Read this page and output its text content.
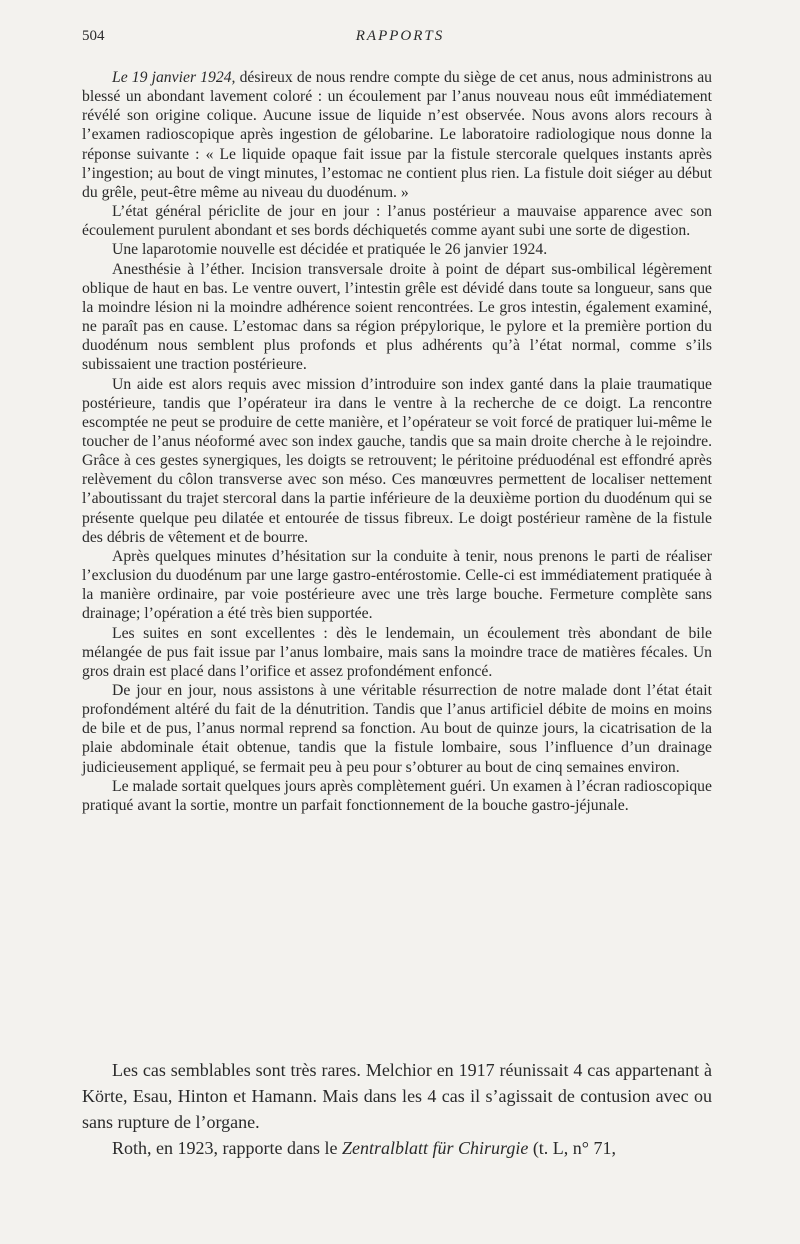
504	RAPPORTS

Le 19 janvier 1924, désireux de nous rendre compte du siège de cet anus, nous administrons au blessé un abondant lavement coloré : un écoulement par l’anus nouveau nous eût immédiatement révélé son origine colique. Aucune issue de liquide n’est observée. Nous avons alors recours à l’examen radioscopique après ingestion de gélobarine. Le laboratoire radiologique nous donne la réponse suivante : « Le liquide opaque fait issue par la fistule stercorale quelques instants après l’ingestion; au bout de vingt minutes, l’estomac ne contient plus rien. La fistule doit siéger au début du grêle, peut-être même au niveau du duodénum. »

L’état général périclite de jour en jour : l’anus postérieur a mauvaise apparence avec son écoulement purulent abondant et ses bords déchiquetés comme ayant subi une sorte de digestion.

Une laparotomie nouvelle est décidée et pratiquée le 26 janvier 1924.

Anesthésie à l’éther. Incision transversale droite à point de départ sus-ombilical légèrement oblique de haut en bas. Le ventre ouvert, l’intestin grêle est dévidé dans toute sa longueur, sans que la moindre lésion ni la moindre adhérence soient rencontrées. Le gros intestin, également examiné, ne paraît pas en cause. L’estomac dans sa région prépylorique, le pylore et la première portion du duodénum nous semblent plus profonds et plus adhérents qu’à l’état normal, comme s’ils subissaient une traction postérieure.

Un aide est alors requis avec mission d’introduire son index ganté dans la plaie traumatique postérieure, tandis que l’opérateur ira dans le ventre à la recherche de ce doigt. La rencontre escomptée ne peut se produire de cette manière, et l’opérateur se voit forcé de pratiquer lui-même le toucher de l’anus néoformé avec son index gauche, tandis que sa main droite cherche à le rejoindre. Grâce à ces gestes synergiques, les doigts se retrouvent; le péritoine préduodénal est effondré après relèvement du côlon transverse avec son méso. Ces manœuvres permettent de localiser nettement l’aboutissant du trajet stercoral dans la partie inférieure de la deuxième portion du duodénum qui se présente quelque peu dilatée et entourée de tissus fibreux. Le doigt postérieur ramène de la fistule des débris de vêtement et de bourre.

Après quelques minutes d’hésitation sur la conduite à tenir, nous prenons le parti de réaliser l’exclusion du duodénum par une large gastro-entérostomie. Celle-ci est immédiatement pratiquée à la manière ordinaire, par voie postérieure avec une très large bouche. Fermeture complète sans drainage; l’opération a été très bien supportée.

Les suites en sont excellentes : dès le lendemain, un écoulement très abondant de bile mélangée de pus fait issue par l’anus lombaire, mais sans la moindre trace de matières fécales. Un gros drain est placé dans l’orifice et assez profondément enfoncé.

De jour en jour, nous assistons à une véritable résurrection de notre malade dont l’état était profondément altéré du fait de la dénutrition. Tandis que l’anus artificiel débite de moins en moins de bile et de pus, l’anus normal reprend sa fonction. Au bout de quinze jours, la cicatrisation de la plaie abdominale était obtenue, tandis que la fistule lombaire, sous l’influence d’un drainage judicieusement appliqué, se fermait peu à peu pour s’obturer au bout de cinq semaines environ.

Le malade sortait quelques jours après complètement guéri. Un examen à l’écran radioscopique pratiqué avant la sortie, montre un parfait fonctionnement de la bouche gastro-jéjunale.

Les cas semblables sont très rares. Melchior en 1917 réunissait 4 cas appartenant à Körte, Esau, Hinton et Hamann. Mais dans les 4 cas il s’agissait de contusion avec ou sans rupture de l’organe.

Roth, en 1923, rapporte dans le Zentralblatt für Chirurgie (t. L, n° 71,
